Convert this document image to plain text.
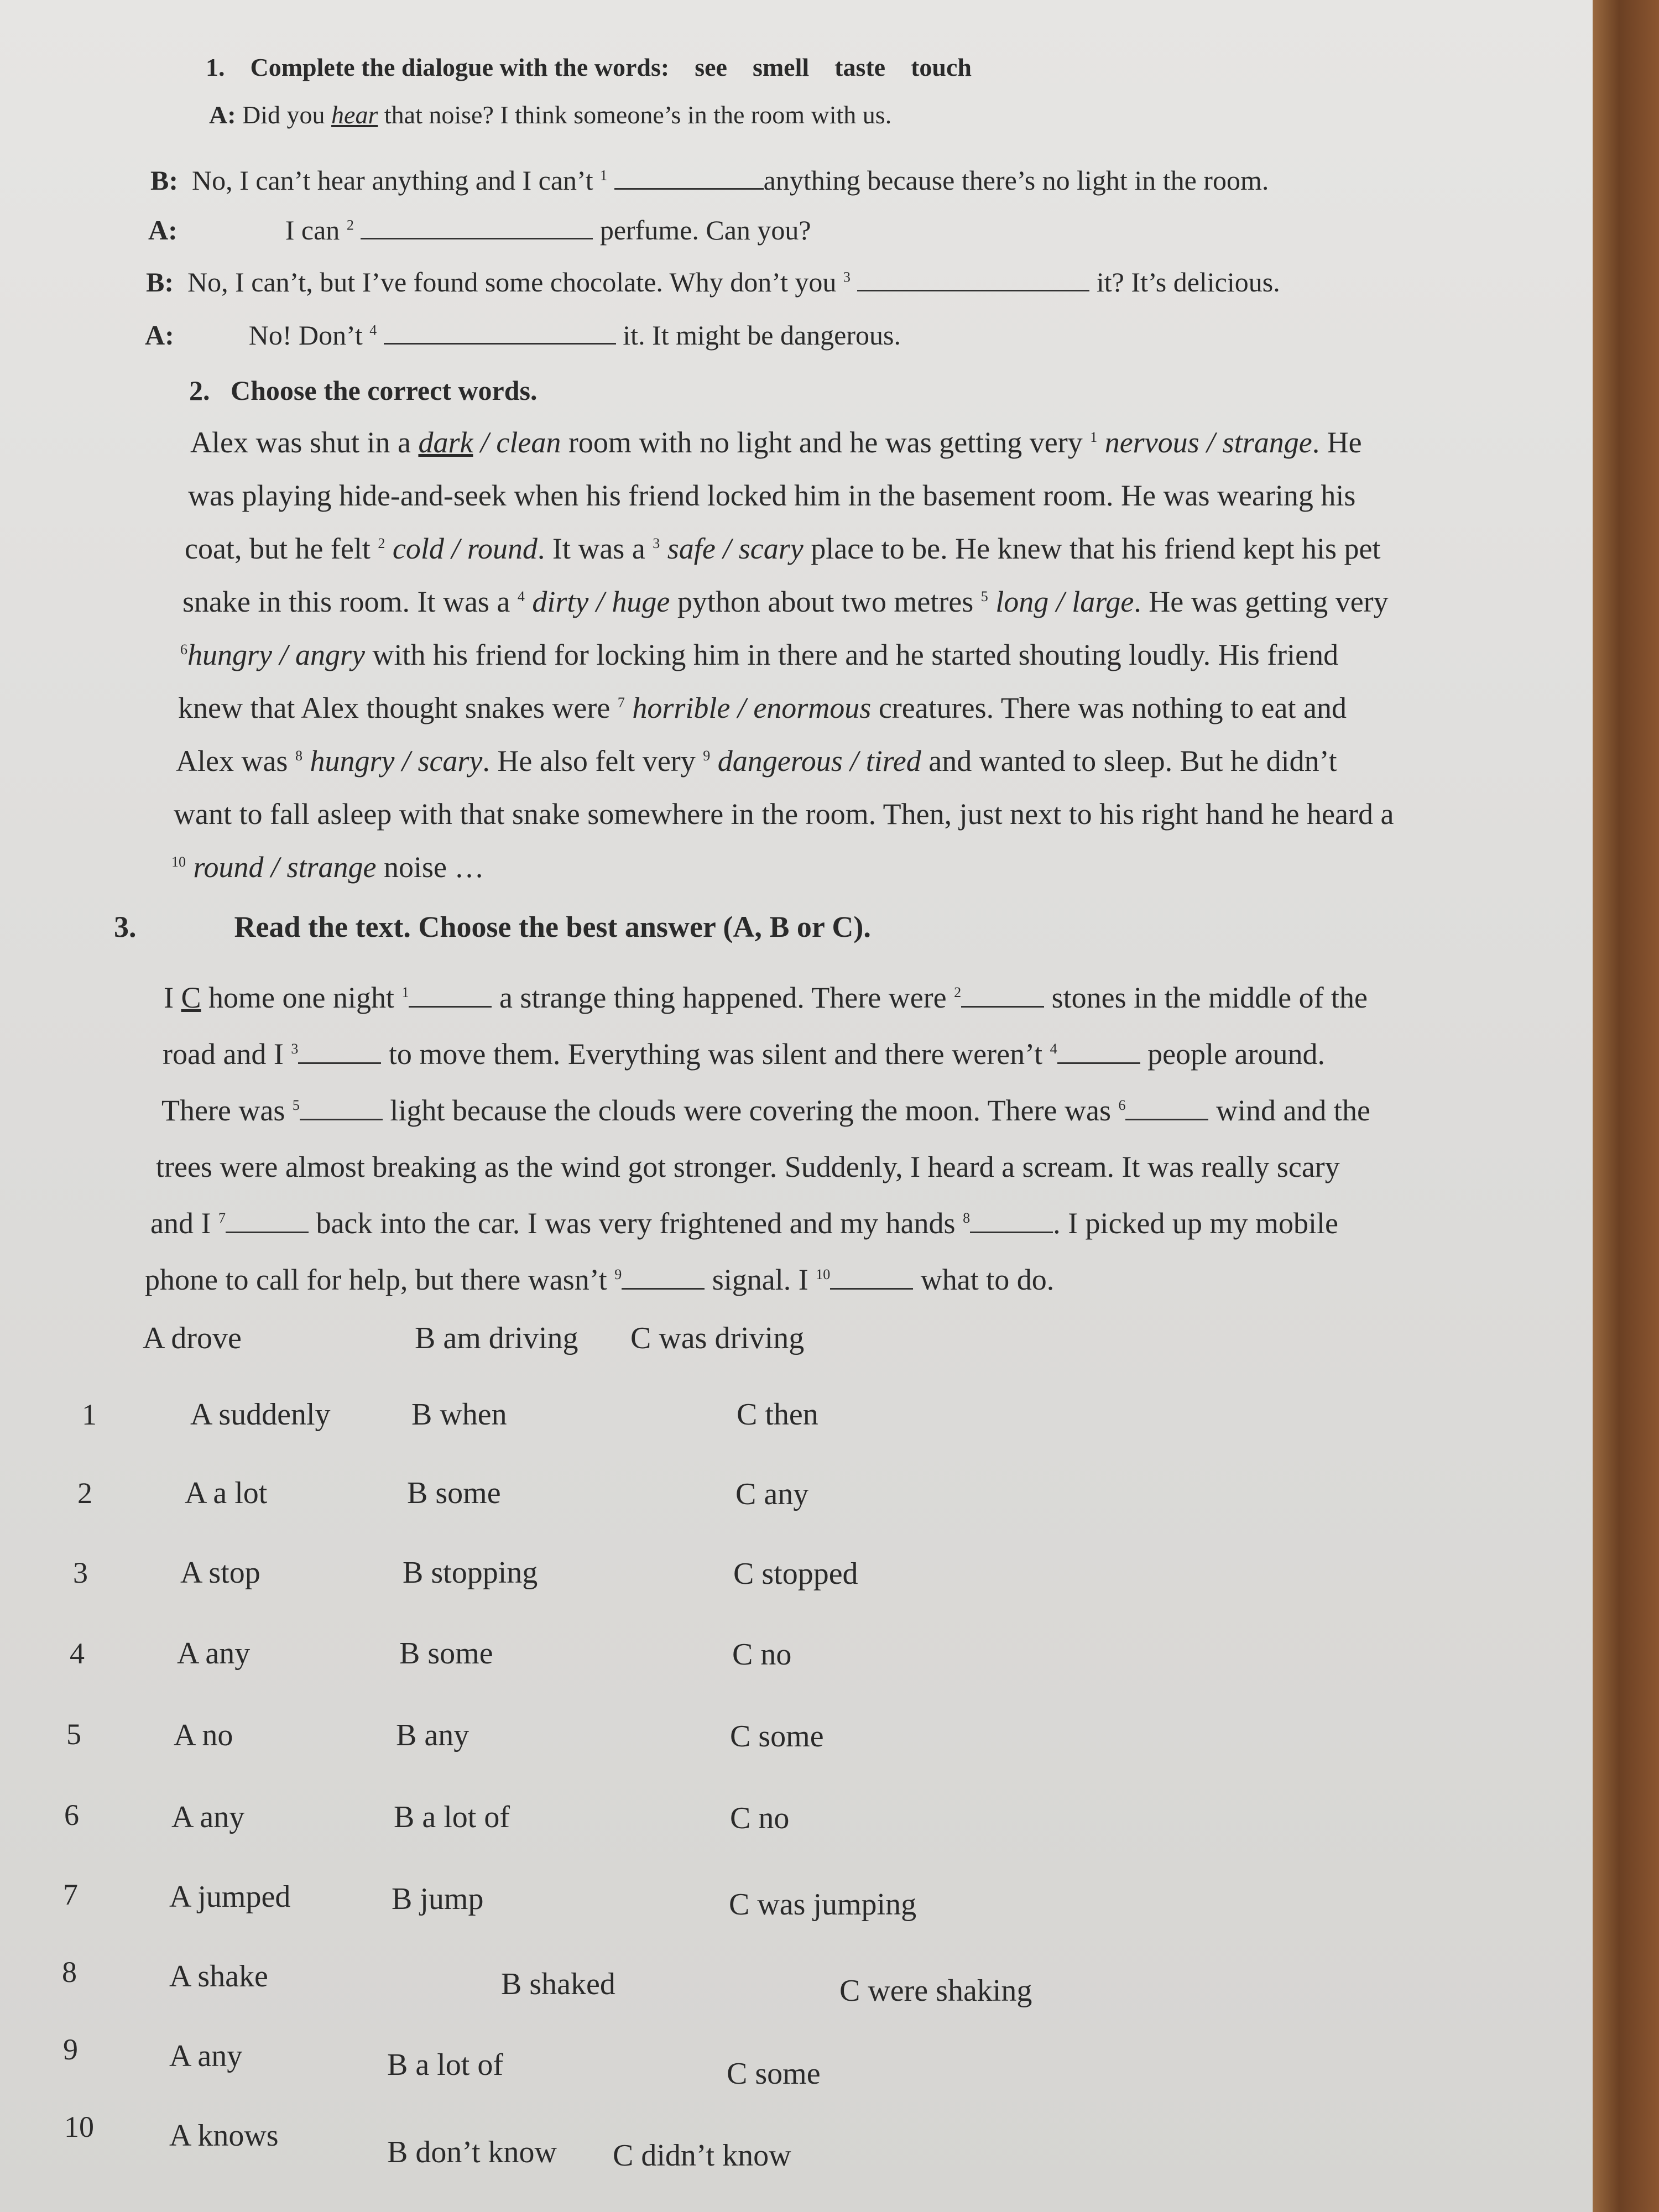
1. Complete the dialogue with the words: see smell taste touch
A: Did you hear that noise? I think someone’s in the room with us.
B: No, I can’t hear anything and I can’t $^1$	anything because there’s no light in the room.
A:	I can $^2$	perfume. Can you?
B: No, I can’t, but I’ve found some chocolate. Why don’t you $^3$	it? It’s delicious.
A:	No! Don’t $^4$	it. It might be dangerous.
2. Choose the correct words.
Alex was shut in a dark / clean room with no light and he was getting very $^1$ nervous / strange. He
was playing hide-and-seek when his friend locked him in the basement room. He was wearing his
coat, but he felt $^2$ cold / round. It was a $^3$ safe / scary place to be. He knew that his friend kept his pet
snake in this room. It was a $^4$ dirty / huge python about two metres $^5$ long / large. He was getting very
$^6$hungry / angry with his friend for locking him in there and he started shouting loudly. His friend
knew that Alex thought snakes were $^7$ horrible / enormous creatures. There was nothing to eat and
Alex was $^8$ hungry / scary. He also felt very $^9$ dangerous / tired and wanted to sleep. But he didn’t
want to fall asleep with that snake somewhere in the room. Then, just next to his right hand he heard a
$^{10}$ round / strange noise …
3.	Read the text. Choose the best answer (A, B or C).
I C home one night $^1$	a strange thing happened. There were $^2$	stones in the middle of the
road and I $^3$	to move them. Everything was silent and there weren’t $^4$	people around.
There was $^5$	light because the clouds were covering the moon. There was $^6$	wind and the
trees were almost breaking as the wind got stronger. Suddenly, I heard a scream. It was really scary
and I $^7$	back into the car. I was very frightened and my hands $^8$	. I picked up my mobile
phone to call for help, but there wasn’t $^9$	signal. I $^{10}$	what to do.
A drove	B am driving C was driving
1	A suddenly	B when	C then
2	A a lot	B some	C any
3	A stop	B stopping	C stopped
4	A any	B some	C no
5	A no	B any	C some
6	A any	B a lot of	C no
7	A jumped	B jump	C was jumping
8	A shake	B shaked	C were shaking
9	A any	B a lot of	C some
10 A knows	B don’t know C didn’t know
